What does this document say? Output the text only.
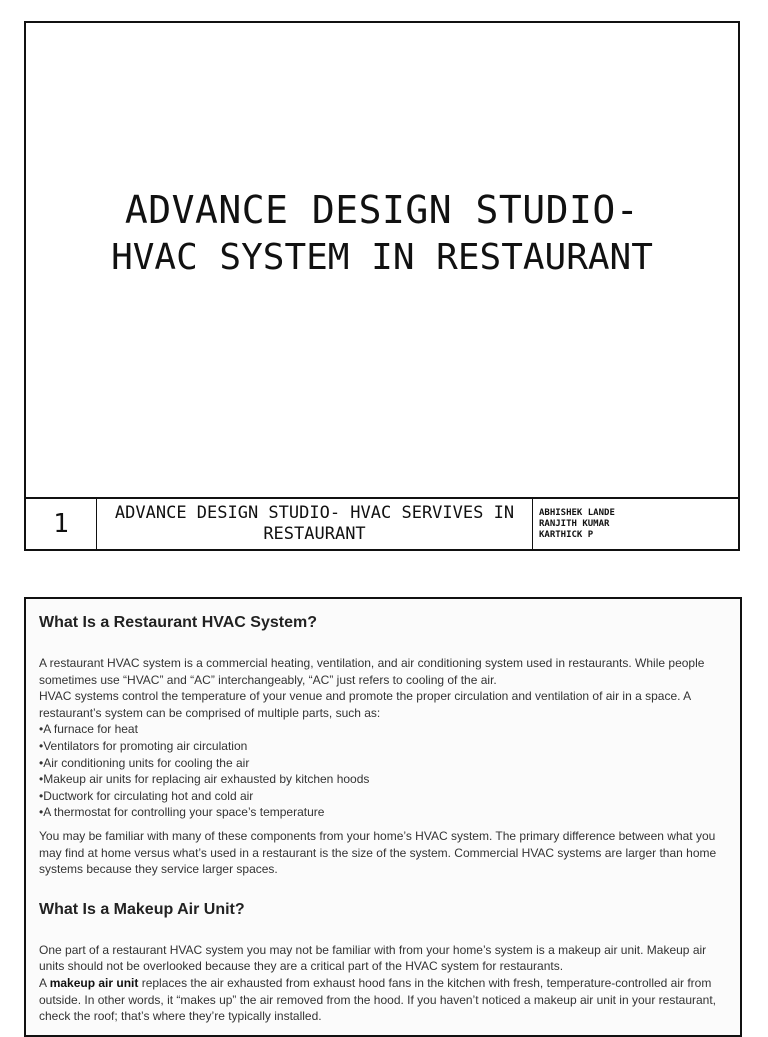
ADVANCE DESIGN STUDIO-
HVAC SYSTEM IN RESTAURANT
1	ADVANCE DESIGN STUDIO- HVAC SERVIVES IN RESTAURANT
ABHISHEK LANDE
RANJITH KUMAR
KARTHICK P
What Is a Restaurant HVAC System?

A restaurant HVAC system is a commercial heating, ventilation, and air conditioning system used in restaurants. While people sometimes use “HVAC” and “AC” interchangeably, “AC” just refers to cooling of the air.

HVAC systems control the temperature of your venue and promote the proper circulation and ventilation of air in a space. A restaurant’s system can be comprised of multiple parts, such as:

•A furnace for heat
•Ventilators for promoting air circulation
•Air conditioning units for cooling the air
•Makeup air units for replacing air exhausted by kitchen hoods
•Ductwork for circulating hot and cold air
•A thermostat for controlling your space’s temperature

You may be familiar with many of these components from your home’s HVAC system. The primary difference between what you may find at home versus what’s used in a restaurant is the size of the system. Commercial HVAC systems are larger than home systems because they service larger spaces.

What Is a Makeup Air Unit?

One part of a restaurant HVAC system you may not be familiar with from your home’s system is a makeup air unit. Makeup air units should not be overlooked because they are a critical part of the HVAC system for restaurants.

A makeup air unit replaces the air exhausted from exhaust hood fans in the kitchen with fresh, temperature-controlled air from outside. In other words, it “makes up” the air removed from the hood. If you haven’t noticed a makeup air unit in your restaurant, check the roof; that’s where they’re typically installed.
